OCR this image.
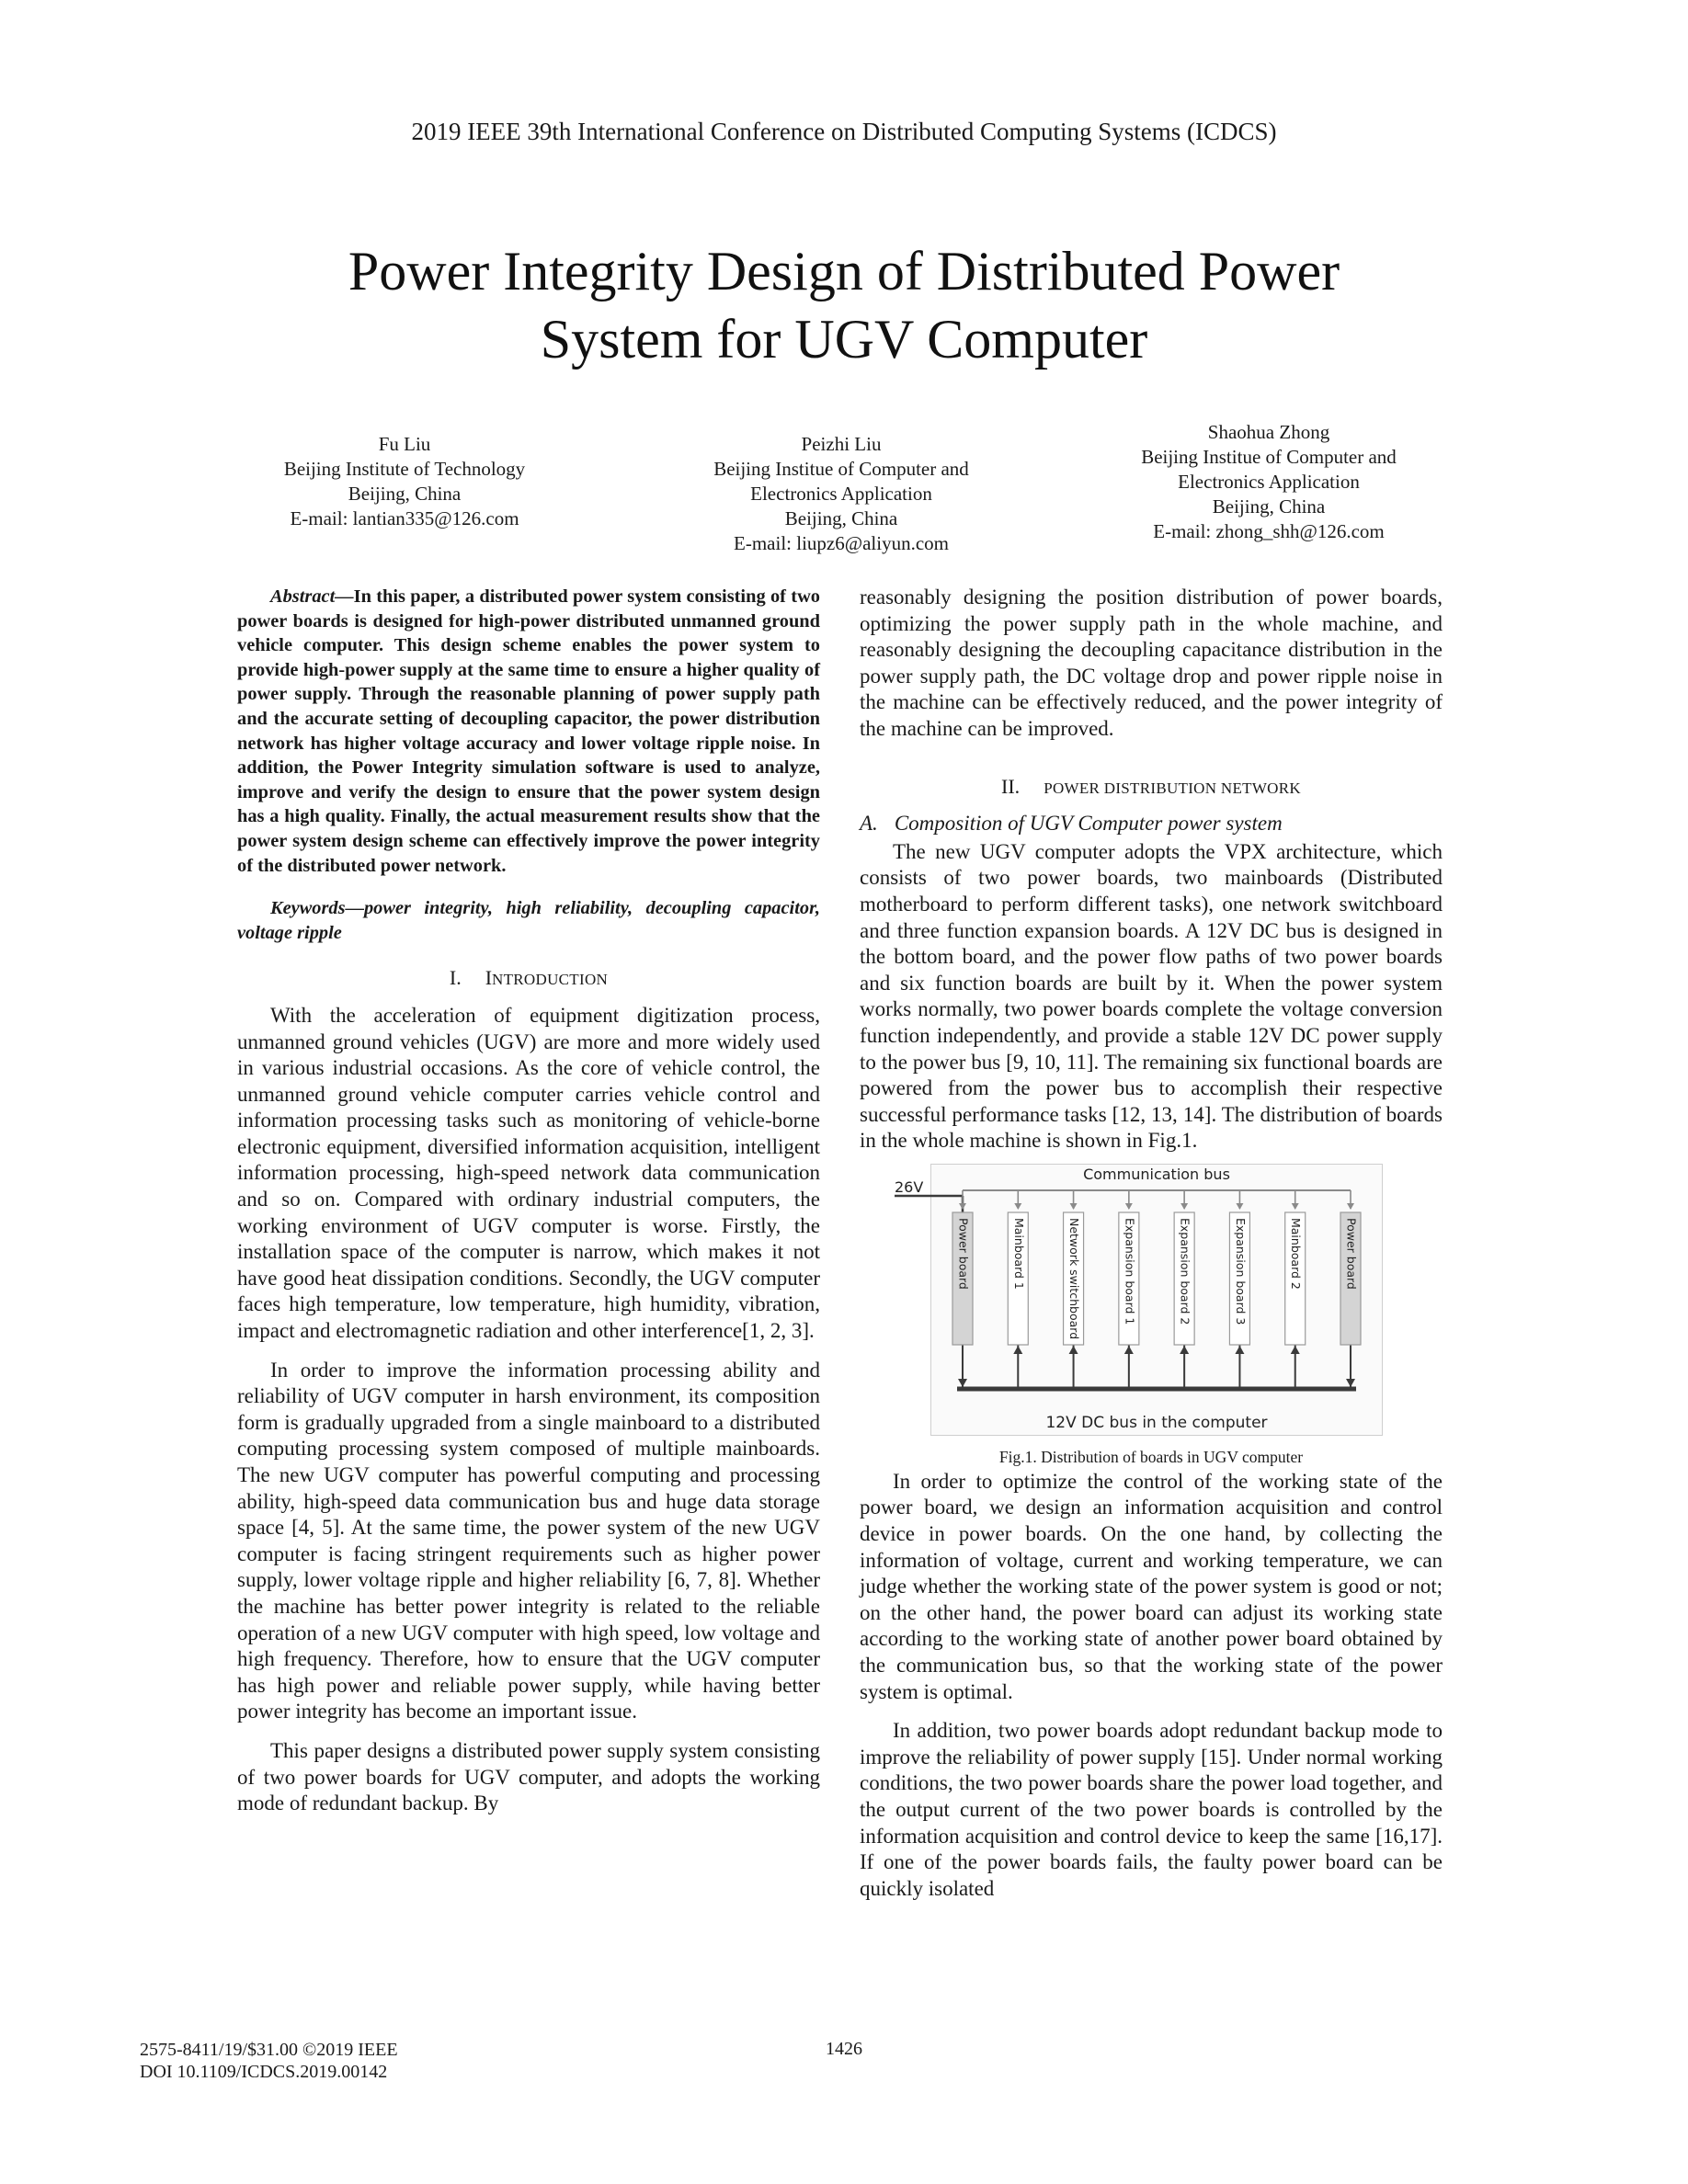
2019 IEEE 39th International Conference on Distributed Computing Systems (ICDCS)
Power Integrity Design of Distributed Power
System for UGV Computer
Fu Liu
Beijing Institute of Technology
Beijing, China
E-mail: lantian335@126.com
Peizhi Liu
Beijing Institue of Computer and
Electronics Application
Beijing, China
E-mail: liupz6@aliyun.com
Shaohua Zhong
Beijing Institue of Computer and
Electronics Application
Beijing, China
E-mail: zhong_shh@126.com

Abstract—In this paper, a distributed power system consisting of two power boards is designed for high-power distributed unmanned ground vehicle computer. This design scheme enables the power system to provide high-power supply at the same time to ensure a higher quality of power supply. Through the reasonable planning of power supply path and the accurate setting of decoupling capacitor, the power distribution network has higher voltage accuracy and lower voltage ripple noise. In addition, the Power Integrity simulation software is used to analyze, improve and verify the design to ensure that the power system design has a high quality. Finally, the actual measurement results show that the power system design scheme can effectively improve the power integrity of the distributed power network.

Keywords—power integrity, high reliability, decoupling capacitor, voltage ripple

I. INTRODUCTION

With the acceleration of equipment digitization process, unmanned ground vehicles (UGV) are more and more widely used in various industrial occasions. As the core of vehicle control, the unmanned ground vehicle computer carries vehicle control and information processing tasks such as monitoring of vehicle-borne electronic equipment, diversified information acquisition, intelligent information processing, high-speed network data communication and so on. Compared with ordinary industrial computers, the working environment of UGV computer is worse. Firstly, the installation space of the computer is narrow, which makes it not have good heat dissipation conditions. Secondly, the UGV computer faces high temperature, low temperature, high humidity, vibration, impact and electromagnetic radiation and other interference[1, 2, 3].

In order to improve the information processing ability and reliability of UGV computer in harsh environment, its composition form is gradually upgraded from a single mainboard to a distributed computing processing system composed of multiple mainboards. The new UGV computer has powerful computing and processing ability, high-speed data communication bus and huge data storage space [4, 5]. At the same time, the power system of the new UGV computer is facing stringent requirements such as higher power supply, lower voltage ripple and higher reliability [6, 7, 8]. Whether the machine has better power integrity is related to the reliable operation of a new UGV computer with high speed, low voltage and high frequency. Therefore, how to ensure that the UGV computer has high power and reliable power supply, while having better power integrity has become an important issue.

This paper designs a distributed power supply system consisting of two power boards for UGV computer, and adopts the working mode of redundant backup. By

reasonably designing the position distribution of power boards, optimizing the power supply path in the whole machine, and reasonably designing the decoupling capacitance distribution in the power supply path, the DC voltage drop and power ripple noise in the machine can be effectively reduced, and the power integrity of the machine can be improved.

II. POWER DISTRIBUTION NETWORK
A. Composition of UGV Computer power system

The new UGV computer adopts the VPX architecture, which consists of two power boards, two mainboards (Distributed motherboard to perform different tasks), one network switchboard and three function expansion boards. A 12V DC bus is designed in the bottom board, and the power flow paths of two power boards and six function boards are built by it. When the power system works normally, two power boards complete the voltage conversion function independently, and provide a stable 12V DC power supply to the power bus [9, 10, 11]. The remaining six functional boards are powered from the power bus to accomplish their respective successful performance tasks [12, 13, 14]. The distribution of boards in the whole machine is shown in Fig.1.

26V
Communication bus
12V DC bus in the computer
Power board	Mainboard 1	Network switchboard	Expansion board 1	Expansion board 2	Expansion board 3	Mainboard 2	Power board
Fig.1. Distribution of boards in UGV computer

In order to optimize the control of the working state of the power board, we design an information acquisition and control device in power boards. On the one hand, by collecting the information of voltage, current and working temperature, we can judge whether the working state of the power system is good or not; on the other hand, the power board can adjust its working state according to the working state of another power board obtained by the communication bus, so that the working state of the power system is optimal.

In addition, two power boards adopt redundant backup mode to improve the reliability of power supply [15]. Under normal working conditions, the two power boards share the power load together, and the output current of the two power boards is controlled by the information acquisition and control device to keep the same [16,17]. If one of the power boards fails, the faulty power board can be quickly isolated

2575-8411/19/$31.00 ©2019 IEEE
DOI 10.1109/ICDCS.2019.00142
1426
